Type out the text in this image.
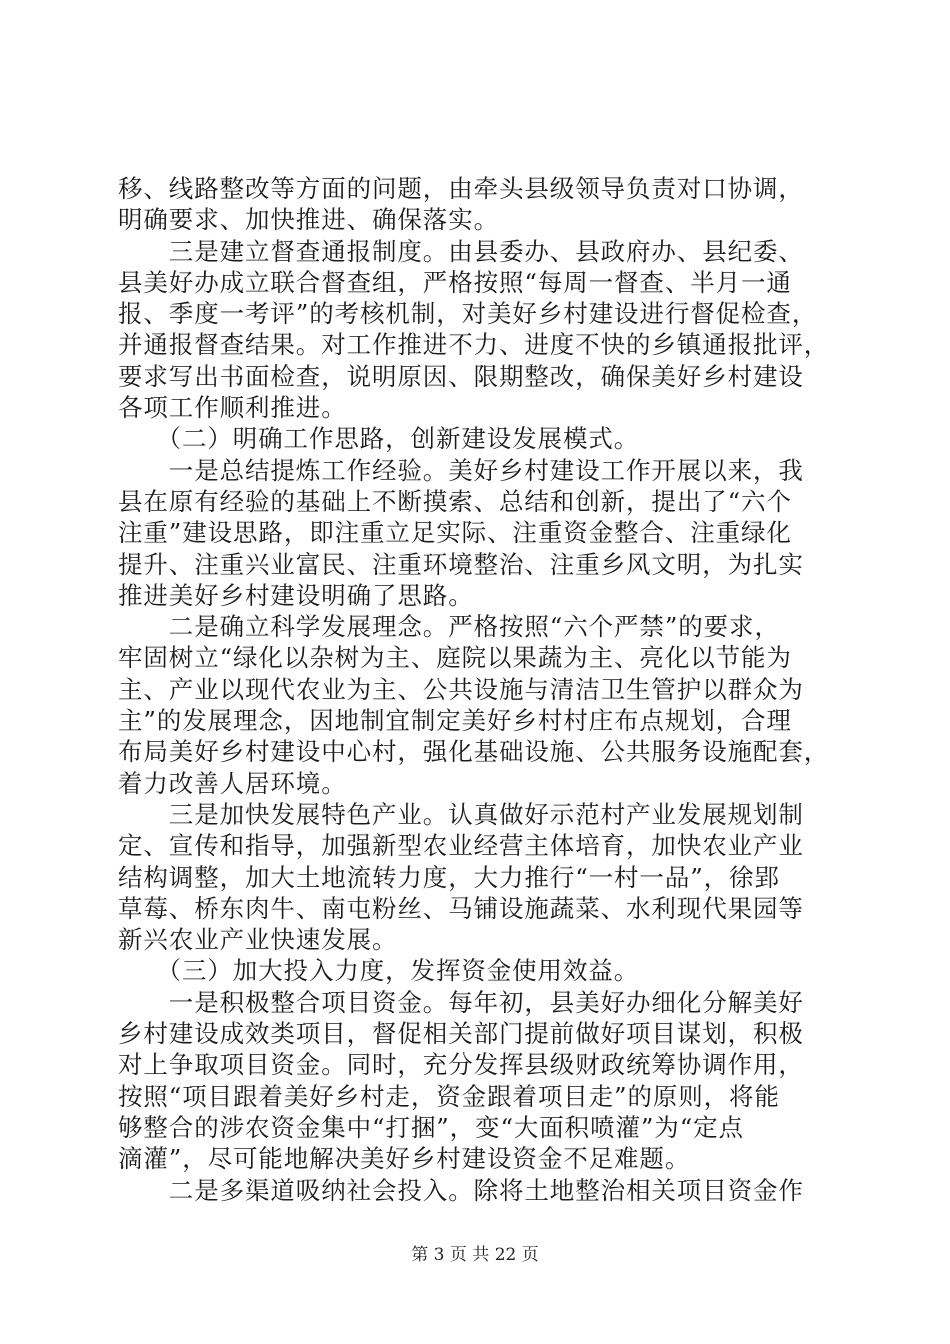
移、线路整改等方面的问题，由牵头县级领导负责对口协调，
明确要求、加快推进、确保落实。
　　三是建立督查通报制度。由县委办、县政府办、县纪委、
县美好办成立联合督查组，严格按照“每周一督查、半月一通
报、季度一考评”的考核机制，对美好乡村建设进行督促检查，
并通报督查结果。对工作推进不力、进度不快的乡镇通报批评，
要求写出书面检查，说明原因、限期整改，确保美好乡村建设
各项工作顺利推进。
　　（二）明确工作思路，创新建设发展模式。
　　一是总结提炼工作经验。美好乡村建设工作开展以来，我
县在原有经验的基础上不断摸索、总结和创新，提出了“六个
注重”建设思路，即注重立足实际、注重资金整合、注重绿化
提升、注重兴业富民、注重环境整治、注重乡风文明，为扎实
推进美好乡村建设明确了思路。
　　二是确立科学发展理念。严格按照“六个严禁”的要求，
牢固树立“绿化以杂树为主、庭院以果蔬为主、亮化以节能为
主、产业以现代农业为主、公共设施与清洁卫生管护以群众为
主”的发展理念，因地制宜制定美好乡村村庄布点规划，合理
布局美好乡村建设中心村，强化基础设施、公共服务设施配套，
着力改善人居环境。
　　三是加快发展特色产业。认真做好示范村产业发展规划制
定、宣传和指导，加强新型农业经营主体培育，加快农业产业
结构调整，加大土地流转力度，大力推行“一村一品”，徐郢
草莓、桥东肉牛、南屯粉丝、马铺设施蔬菜、水利现代果园等
新兴农业产业快速发展。
　　（三）加大投入力度，发挥资金使用效益。
　　一是积极整合项目资金。每年初，县美好办细化分解美好
乡村建设成效类项目，督促相关部门提前做好项目谋划，积极
对上争取项目资金。同时，充分发挥县级财政统筹协调作用，
按照“项目跟着美好乡村走，资金跟着项目走”的原则，将能
够整合的涉农资金集中“打捆”，变“大面积喷灌”为“定点
滴灌”，尽可能地解决美好乡村建设资金不足难题。
　　二是多渠道吸纳社会投入。除将土地整治相关项目资金作
第 3 页 共 22 页
